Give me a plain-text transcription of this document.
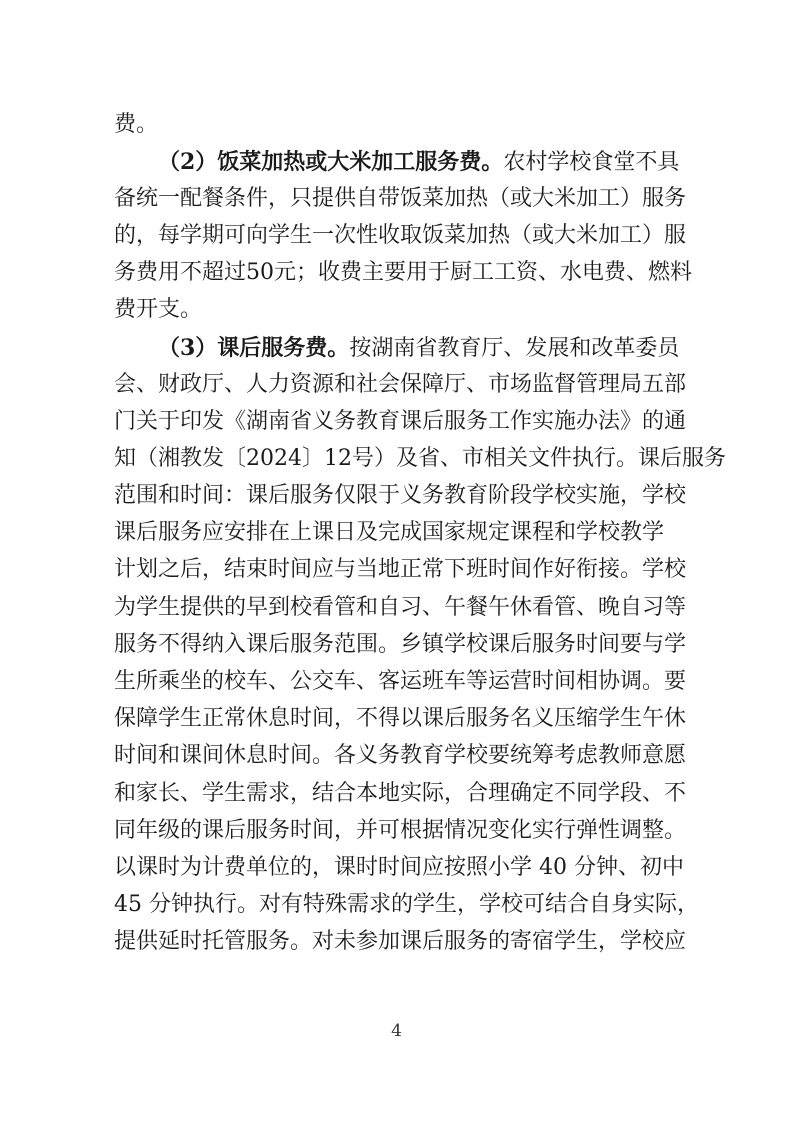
费。
（2）饭菜加热或大米加工服务费。农村学校食堂不具
备统一配餐条件，只提供自带饭菜加热（或大米加工）服务
的，每学期可向学生一次性收取饭菜加热（或大米加工）服
务费用不超过50元；收费主要用于厨工工资、水电费、燃料
费开支。
（3）课后服务费。按湖南省教育厅、发展和改革委员
会、财政厅、人力资源和社会保障厅、市场监督管理局五部
门关于印发《湖南省义务教育课后服务工作实施办法》的通
知（湘教发〔2024〕12号）及省、市相关文件执行。课后服务
范围和时间：课后服务仅限于义务教育阶段学校实施，学校
课后服务应安排在上课日及完成国家规定课程和学校教学
计划之后，结束时间应与当地正常下班时间作好衔接。学校
为学生提供的早到校看管和自习、午餐午休看管、晚自习等
服务不得纳入课后服务范围。乡镇学校课后服务时间要与学
生所乘坐的校车、公交车、客运班车等运营时间相协调。要
保障学生正常休息时间，不得以课后服务名义压缩学生午休
时间和课间休息时间。各义务教育学校要统筹考虑教师意愿
和家长、学生需求，结合本地实际，合理确定不同学段、不
同年级的课后服务时间，并可根据情况变化实行弹性调整。
以课时为计费单位的，课时时间应按照小学 40 分钟、初中
45 分钟执行。对有特殊需求的学生，学校可结合自身实际，
提供延时托管服务。对未参加课后服务的寄宿学生，学校应
4
